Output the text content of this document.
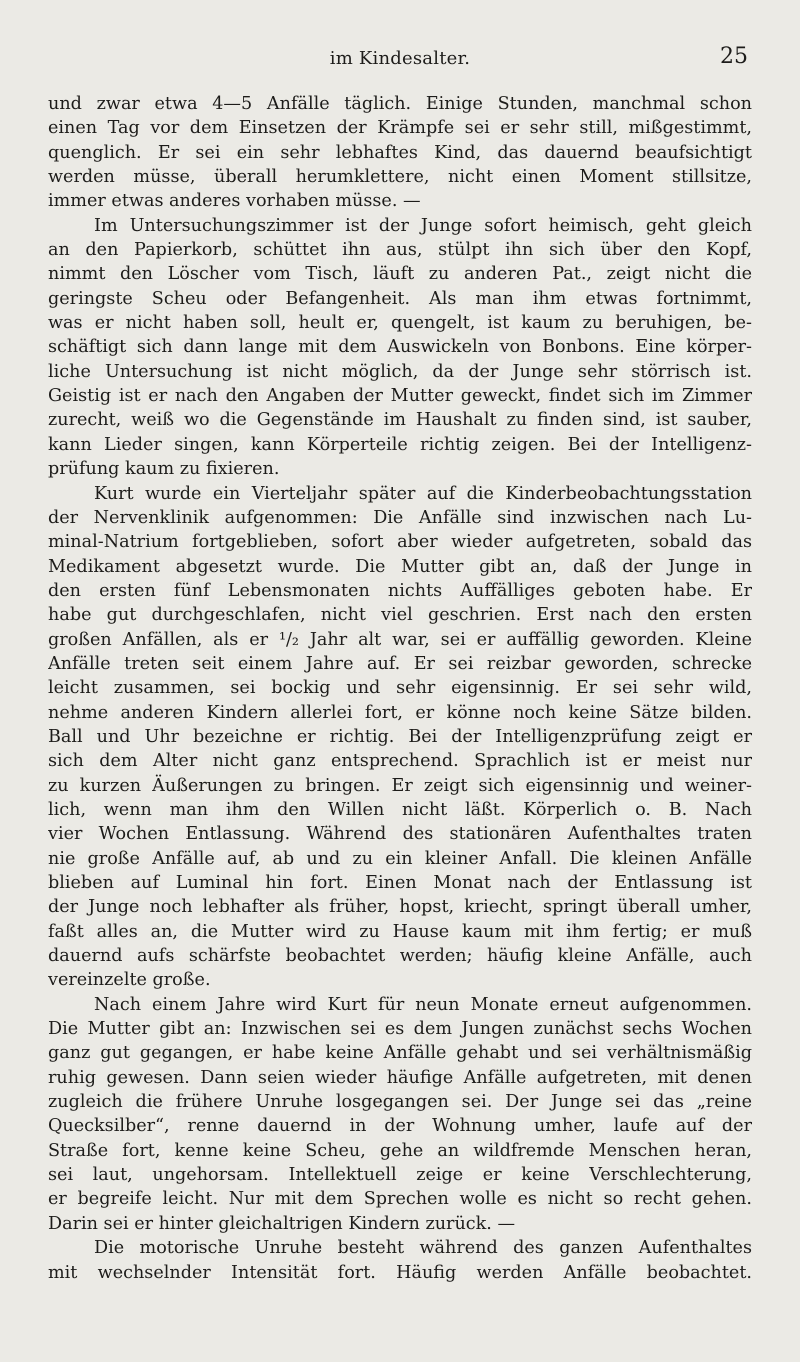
im Kindesalter.	25
und zwar etwa 4—5 Anfälle täglich. Einige Stunden, manchmal schon
einen Tag vor dem Einsetzen der Krämpfe sei er sehr still, mißgestimmt,
quenglich. Er sei ein sehr lebhaftes Kind, das dauernd beaufsichtigt
werden müsse, überall herumklettere, nicht einen Moment stillsitze,
immer etwas anderes vorhaben müsse. —
Im Untersuchungszimmer ist der Junge sofort heimisch, geht gleich
an den Papierkorb, schüttet ihn aus, stülpt ihn sich über den Kopf,
nimmt den Löscher vom Tisch, läuft zu anderen Pat., zeigt nicht die
geringste Scheu oder Befangenheit. Als man ihm etwas fortnimmt,
was er nicht haben soll, heult er, quengelt, ist kaum zu beruhigen, be-
schäftigt sich dann lange mit dem Auswickeln von Bonbons. Eine körper-
liche Untersuchung ist nicht möglich, da der Junge sehr störrisch ist.
Geistig ist er nach den Angaben der Mutter geweckt, findet sich im Zimmer
zurecht, weiß wo die Gegenstände im Haushalt zu finden sind, ist sauber,
kann Lieder singen, kann Körperteile richtig zeigen. Bei der Intelligenz-
prüfung kaum zu fixieren.
Kurt wurde ein Vierteljahr später auf die Kinderbeobachtungsstation
der Nervenklinik aufgenommen: Die Anfälle sind inzwischen nach Lu-
minal-Natrium fortgeblieben, sofort aber wieder aufgetreten, sobald das
Medikament abgesetzt wurde. Die Mutter gibt an, daß der Junge in
den ersten fünf Lebensmonaten nichts Auffälliges geboten habe. Er
habe gut durchgeschlafen, nicht viel geschrien. Erst nach den ersten
großen Anfällen, als er ¹/₂ Jahr alt war, sei er auffällig geworden. Kleine
Anfälle treten seit einem Jahre auf. Er sei reizbar geworden, schrecke
leicht zusammen, sei bockig und sehr eigensinnig. Er sei sehr wild,
nehme anderen Kindern allerlei fort, er könne noch keine Sätze bilden.
Ball und Uhr bezeichne er richtig. Bei der Intelligenzprüfung zeigt er
sich dem Alter nicht ganz entsprechend. Sprachlich ist er meist nur
zu kurzen Äußerungen zu bringen. Er zeigt sich eigensinnig und weiner-
lich, wenn man ihm den Willen nicht läßt. Körperlich o. B. Nach
vier Wochen Entlassung. Während des stationären Aufenthaltes traten
nie große Anfälle auf, ab und zu ein kleiner Anfall. Die kleinen Anfälle
blieben auf Luminal hin fort. Einen Monat nach der Entlassung ist
der Junge noch lebhafter als früher, hopst, kriecht, springt überall umher,
faßt alles an, die Mutter wird zu Hause kaum mit ihm fertig; er muß
dauernd aufs schärfste beobachtet werden; häufig kleine Anfälle, auch
vereinzelte große.
Nach einem Jahre wird Kurt für neun Monate erneut aufgenommen.
Die Mutter gibt an: Inzwischen sei es dem Jungen zunächst sechs Wochen
ganz gut gegangen, er habe keine Anfälle gehabt und sei verhältnismäßig
ruhig gewesen. Dann seien wieder häufige Anfälle aufgetreten, mit denen
zugleich die frühere Unruhe losgegangen sei. Der Junge sei das „reine
Quecksilber“, renne dauernd in der Wohnung umher, laufe auf der
Straße fort, kenne keine Scheu, gehe an wildfremde Menschen heran,
sei laut, ungehorsam. Intellektuell zeige er keine Verschlechterung,
er begreife leicht. Nur mit dem Sprechen wolle es nicht so recht gehen.
Darin sei er hinter gleichaltrigen Kindern zurück. —
Die motorische Unruhe besteht während des ganzen Aufenthaltes
mit wechselnder Intensität fort. Häufig werden Anfälle beobachtet.
